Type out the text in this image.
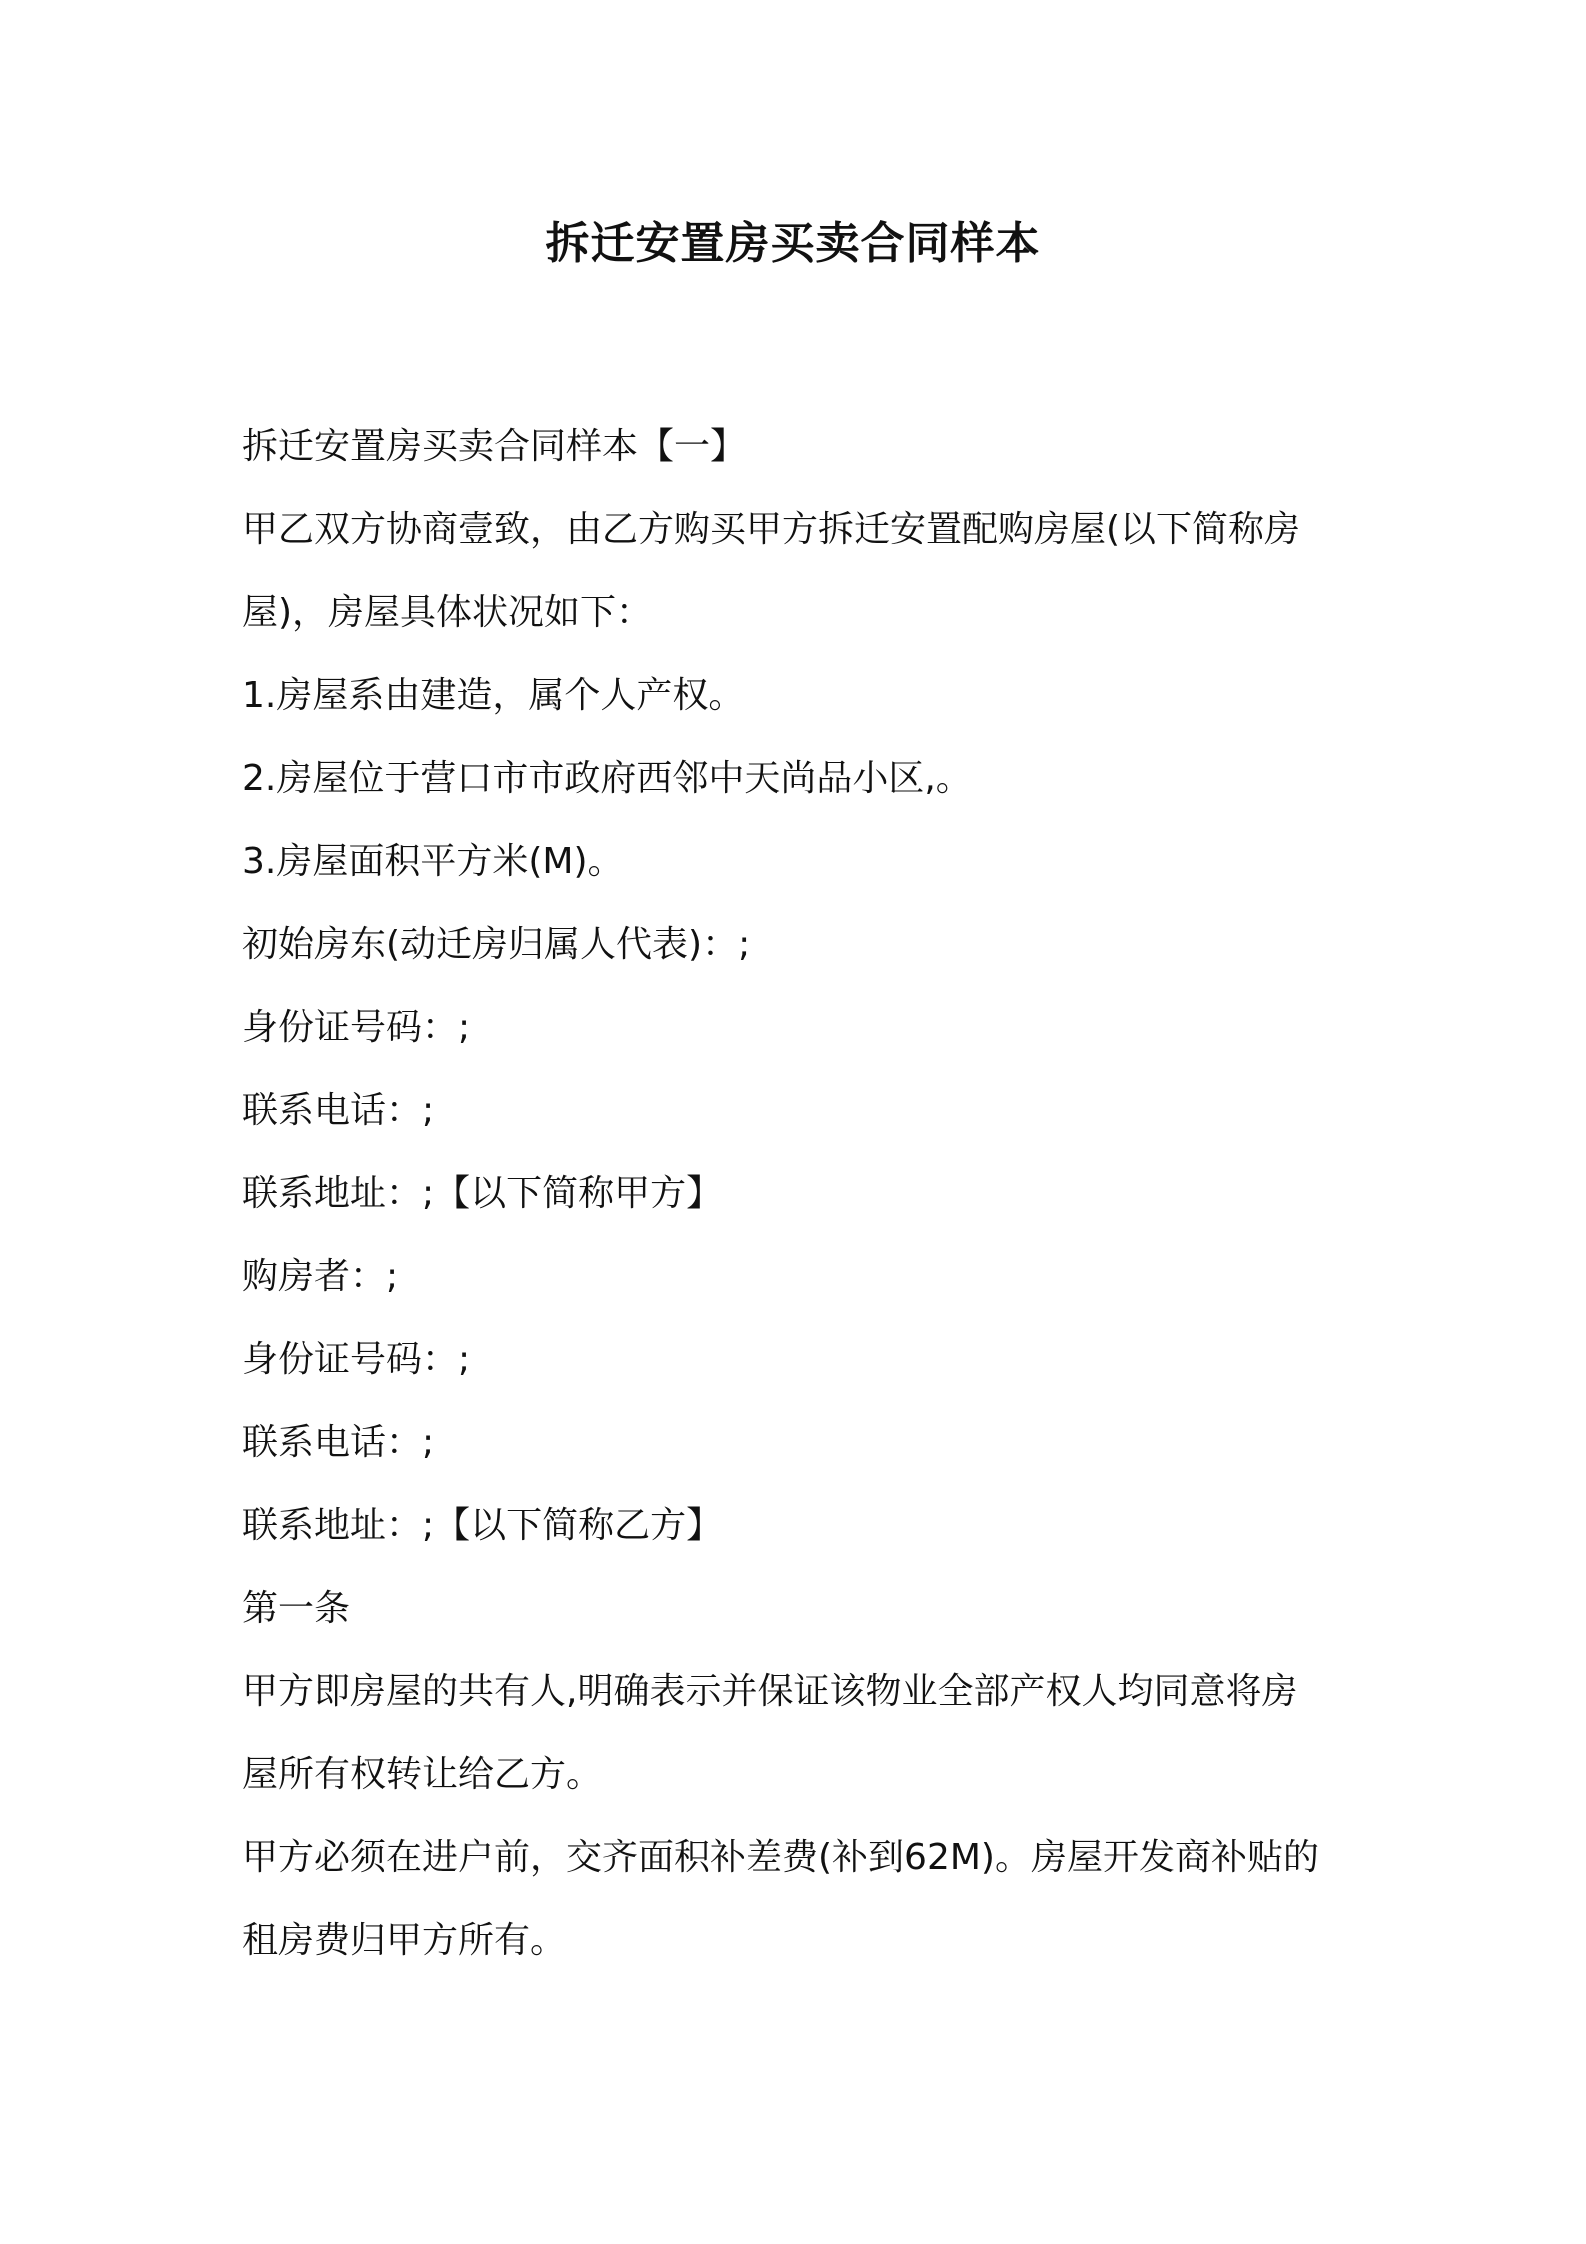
拆迁安置房买卖合同样本
拆迁安置房买卖合同样本【一】
甲乙双方协商壹致，由乙方购买甲方拆迁安置配购房屋(以下简称房
屋)，房屋具体状况如下：
1.房屋系由建造，属个人产权。
2.房屋位于营口市市政府西邻中天尚品小区,。
3.房屋面积平方米(M)。
初始房东(动迁房归属人代表)：;
身份证号码：;
联系电话：;
联系地址：;【以下简称甲方】
购房者：;
身份证号码：;
联系电话：;
联系地址：;【以下简称乙方】
第一条
甲方即房屋的共有人,明确表示并保证该物业全部产权人均同意将房
屋所有权转让给乙方。
甲方必须在进户前，交齐面积补差费(补到62M)。房屋开发商补贴的
租房费归甲方所有。
